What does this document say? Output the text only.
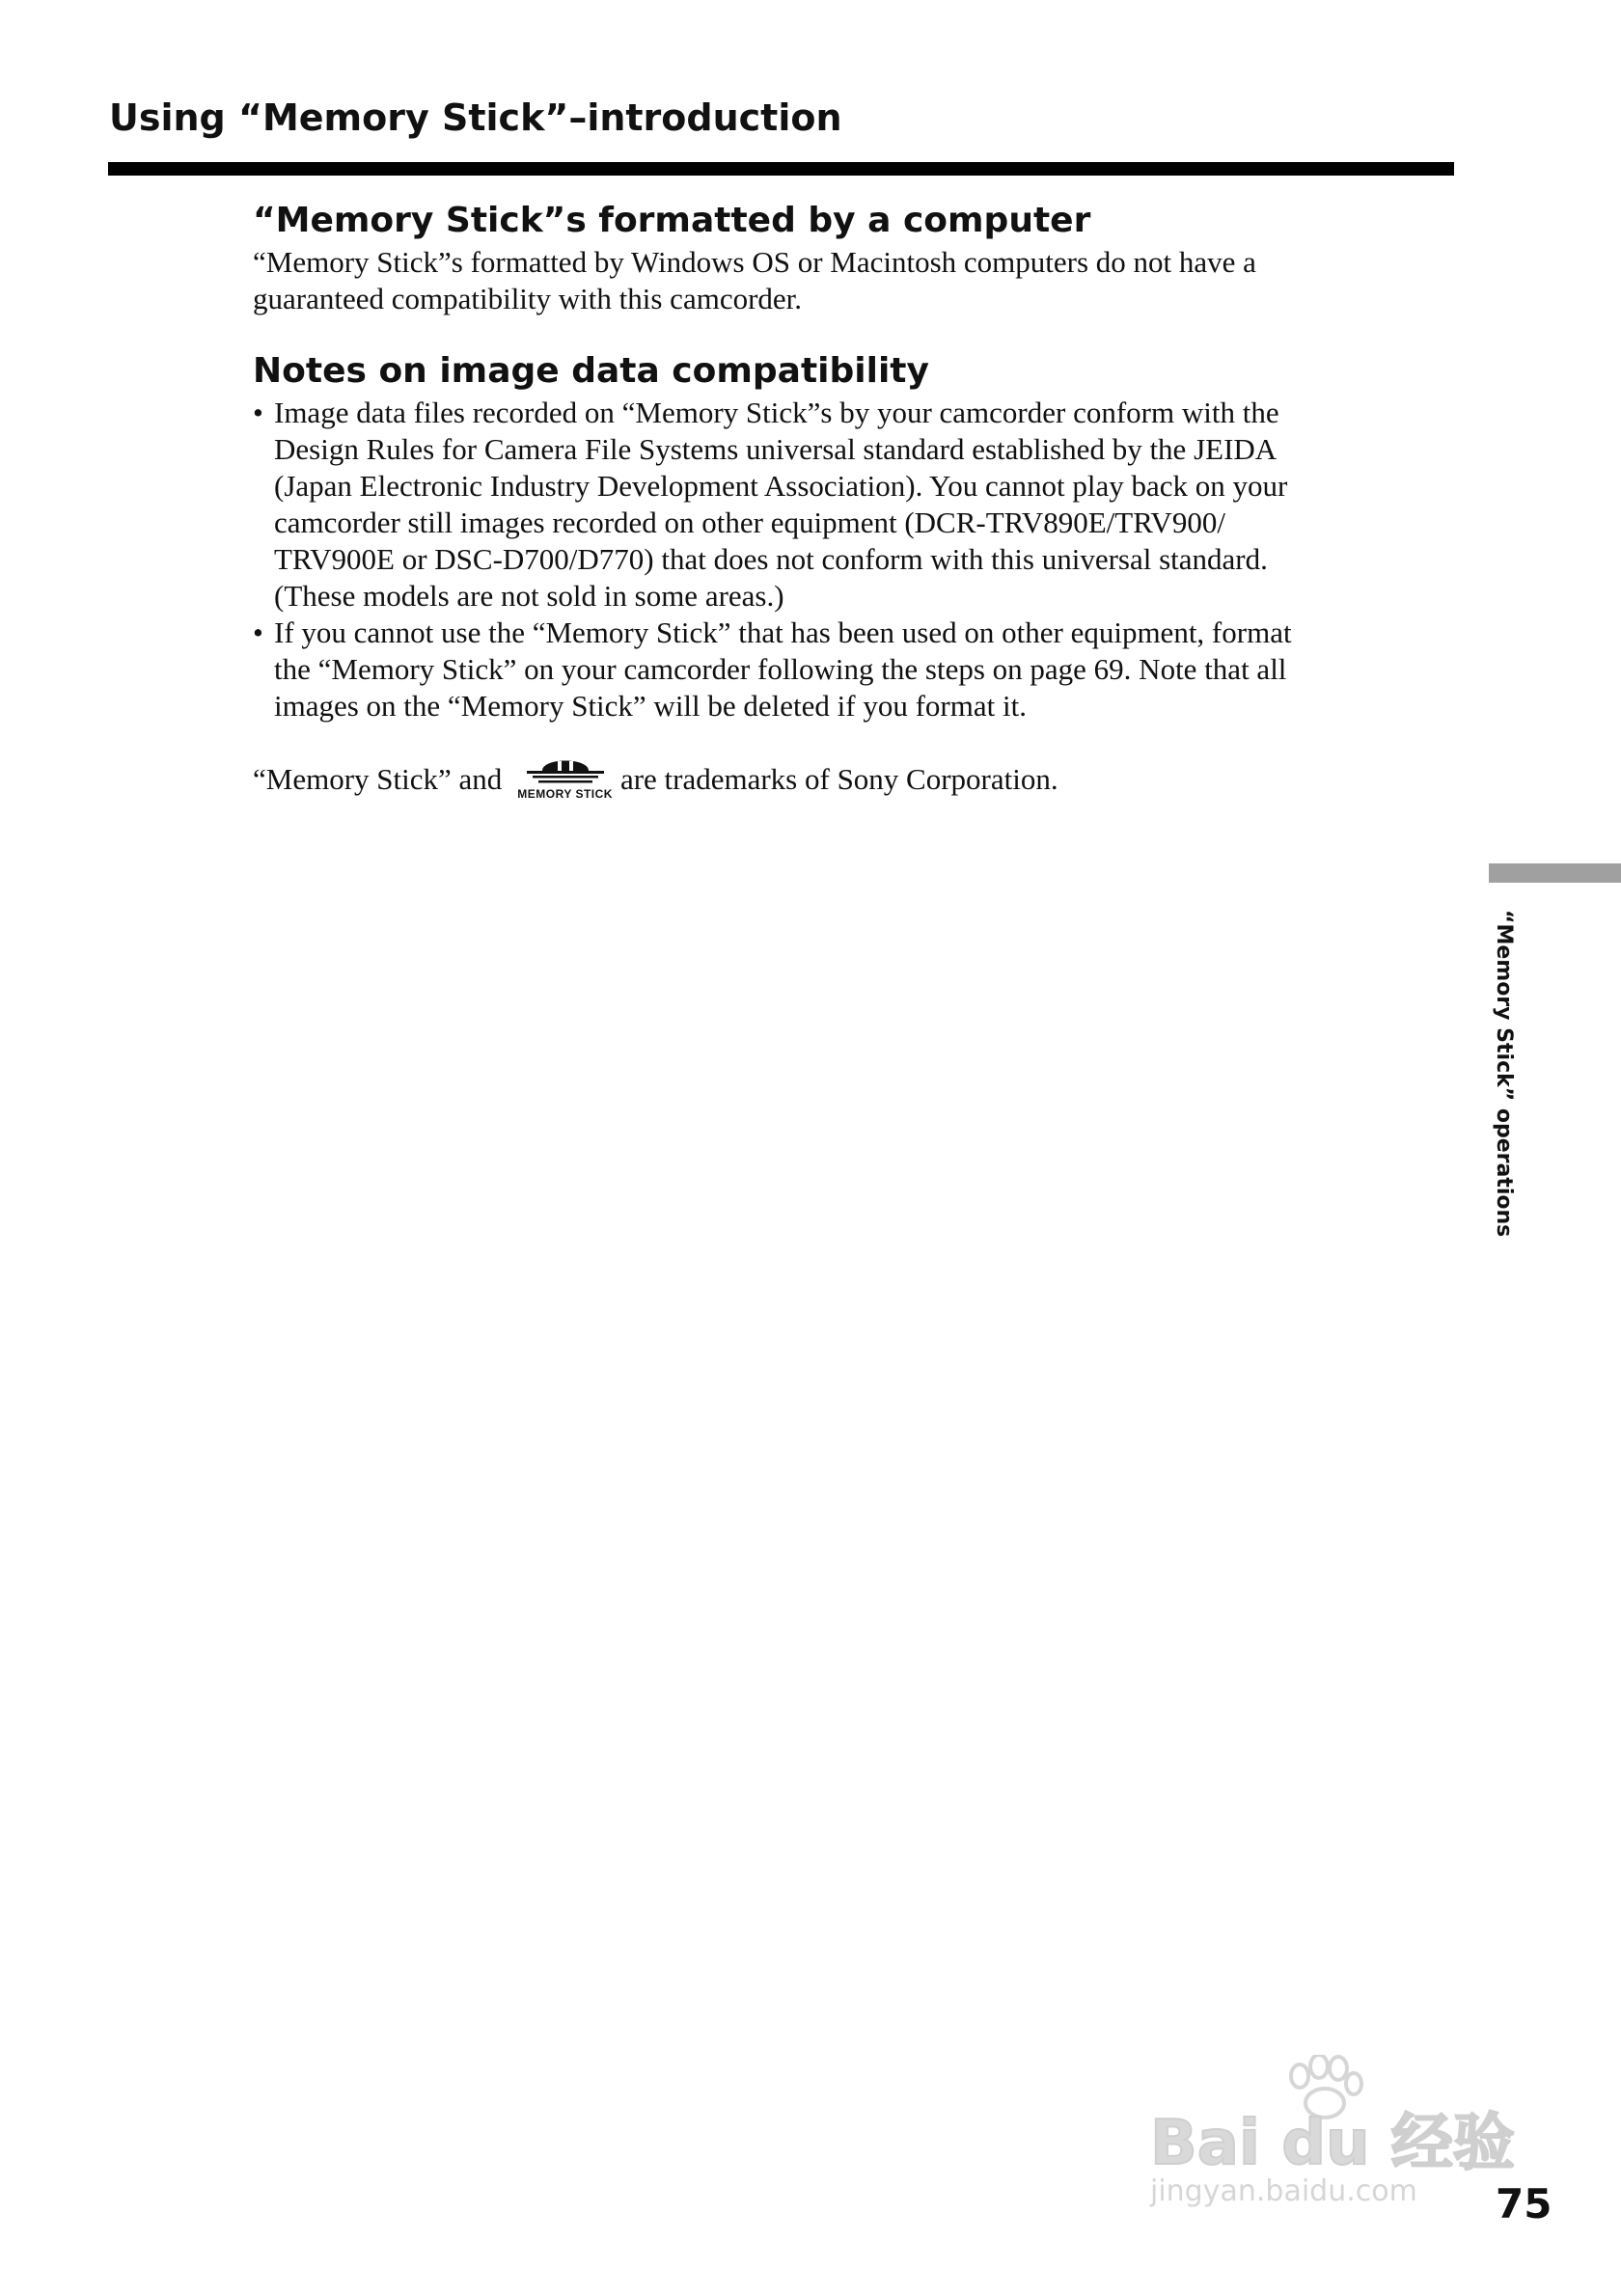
Using “Memory Stick”–introduction
“Memory Stick”s formatted by a computer

“Memory Stick”s formatted by Windows OS or Macintosh computers do not have a
guaranteed compatibility with this camcorder.

Notes on image data compatibility
• Image data files recorded on “Memory Stick”s by your camcorder conform with the
Design Rules for Camera File Systems universal standard established by the JEIDA
(Japan Electronic Industry Development Association). You cannot play back on your
camcorder still images recorded on other equipment (DCR-TRV890E/TRV900/
TRV900E or DSC-D700/D770) that does not conform with this universal standard.
(These models are not sold in some areas.)
• If you cannot use the “Memory Stick” that has been used on other equipment, format
the “Memory Stick” on your camcorder following the steps on page 69. Note that all
images on the “Memory Stick” will be deleted if you format it.
“Memory Stick” and MEMORY STICK are trademarks of Sony Corporation.
“Memory Stick” operations
Bai du 经验
jingyan.baidu.com 75
